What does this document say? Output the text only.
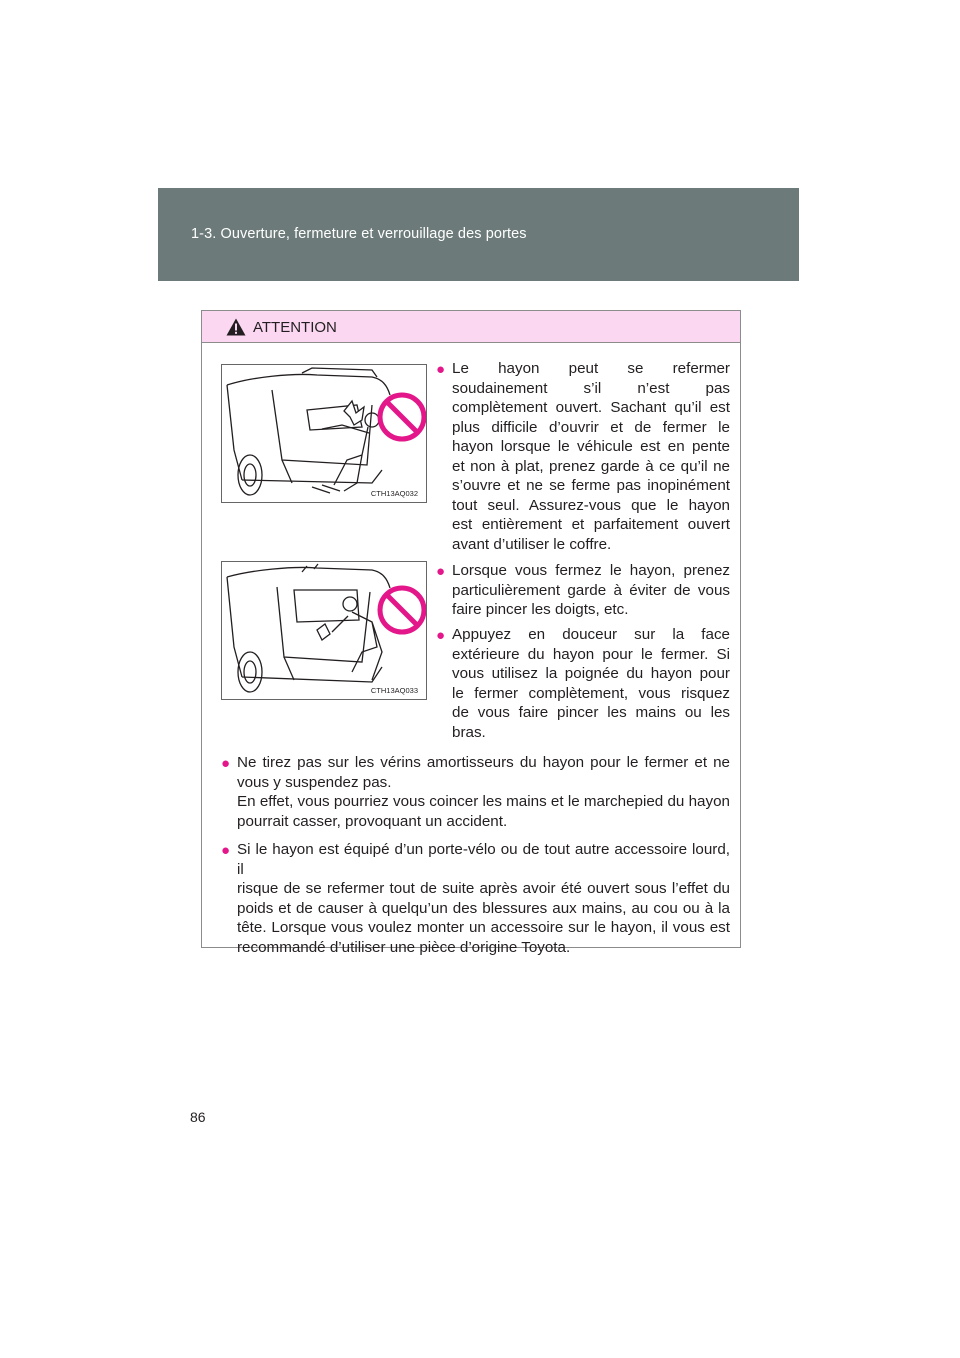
1-3. Ouverture, fermeture et verrouillage des portes
ATTENTION
CTH13AQ032
CTH13AQ033
● Le hayon peut se refermer
soudainement s’il n’est pas
complètement ouvert. Sachant qu’il est
plus difficile d’ouvrir et de fermer le
hayon lorsque le véhicule est en pente
et non à plat, prenez garde à ce qu’il ne
s’ouvre et ne se ferme pas inopinément
tout seul. Assurez-vous que le hayon
est entièrement et parfaitement ouvert
avant d’utiliser le coffre.
● Lorsque vous fermez le hayon, prenez
particulièrement garde à éviter de vous
faire pincer les doigts, etc.
● Appuyez en douceur sur la face
extérieure du hayon pour le fermer. Si
vous utilisez la poignée du hayon pour
le fermer complètement, vous risquez
de vous faire pincer les mains ou les
bras.
● Ne tirez pas sur les vérins amortisseurs du hayon pour le fermer et ne
vous y suspendez pas.
En effet, vous pourriez vous coincer les mains et le marchepied du hayon
pourrait casser, provoquant un accident.
● Si le hayon est équipé d’un porte-vélo ou de tout autre accessoire lourd, il
risque de se refermer tout de suite après avoir été ouvert sous l’effet du
poids et de causer à quelqu’un des blessures aux mains, au cou ou à la
tête. Lorsque vous voulez monter un accessoire sur le hayon, il vous est
recommandé d’utiliser une pièce d’origine Toyota.
86
